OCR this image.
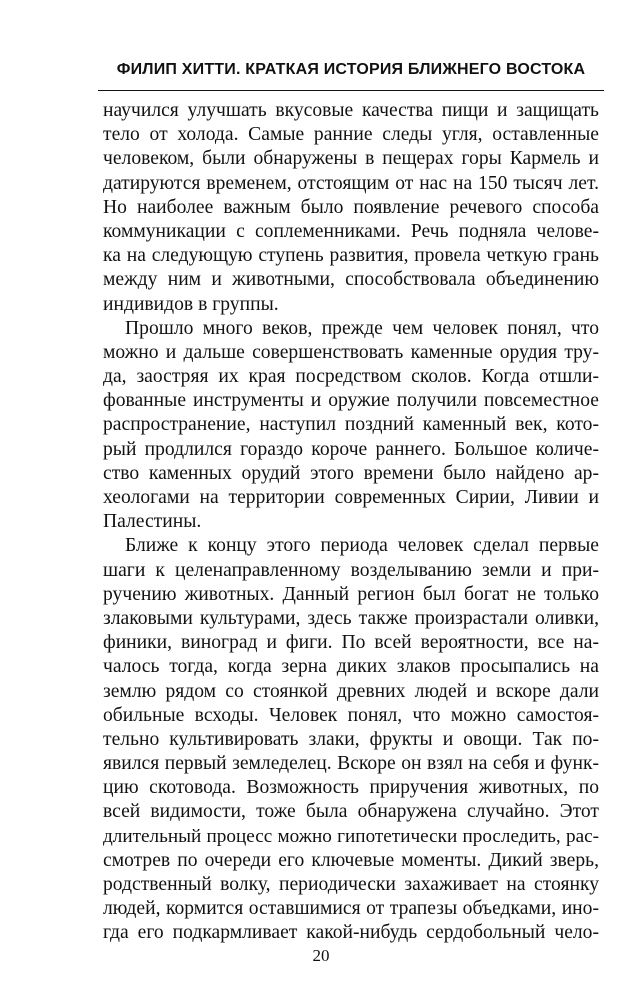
ФИЛИП ХИТТИ. КРАТКАЯ ИСТОРИЯ БЛИЖНЕГО ВОСТОКА
научился улучшать вкусовые качества пищи и защищать
тело от холода. Самые ранние следы угля, оставленные
человеком, были обнаружены в пещерах горы Кармель и
датируются временем, отстоящим от нас на 150 тысяч лет.
Но наиболее важным было появление речевого способа
коммуникации с соплеменниками. Речь подняла челове-
ка на следующую ступень развития, провела четкую грань
между ним и животными, способствовала объединению
индивидов в группы.
Прошло много веков, прежде чем человек понял, что
можно и дальше совершенствовать каменные орудия тру-
да, заостряя их края посредством сколов. Когда отшли-
фованные инструменты и оружие получили повсеместное
распространение, наступил поздний каменный век, кото-
рый продлился гораздо короче раннего. Большое количе-
ство каменных орудий этого времени было найдено ар-
хеологами на территории современных Сирии, Ливии и
Палестины.
Ближе к концу этого периода человек сделал первые
шаги к целенаправленному возделыванию земли и при-
ручению животных. Данный регион был богат не только
злаковыми культурами, здесь также произрастали оливки,
финики, виноград и фиги. По всей вероятности, все на-
чалось тогда, когда зерна диких злаков просыпались на
землю рядом со стоянкой древних людей и вскоре дали
обильные всходы. Человек понял, что можно самостоя-
тельно культивировать злаки, фрукты и овощи. Так по-
явился первый земледелец. Вскоре он взял на себя и функ-
цию скотовода. Возможность приручения животных, по
всей видимости, тоже была обнаружена случайно. Этот
длительный процесс можно гипотетически проследить, рас-
смотрев по очереди его ключевые моменты. Дикий зверь,
родственный волку, периодически захаживает на стоянку
людей, кормится оставшимися от трапезы объедками, ино-
гда его подкармливает какой-нибудь сердобольный чело-
20
